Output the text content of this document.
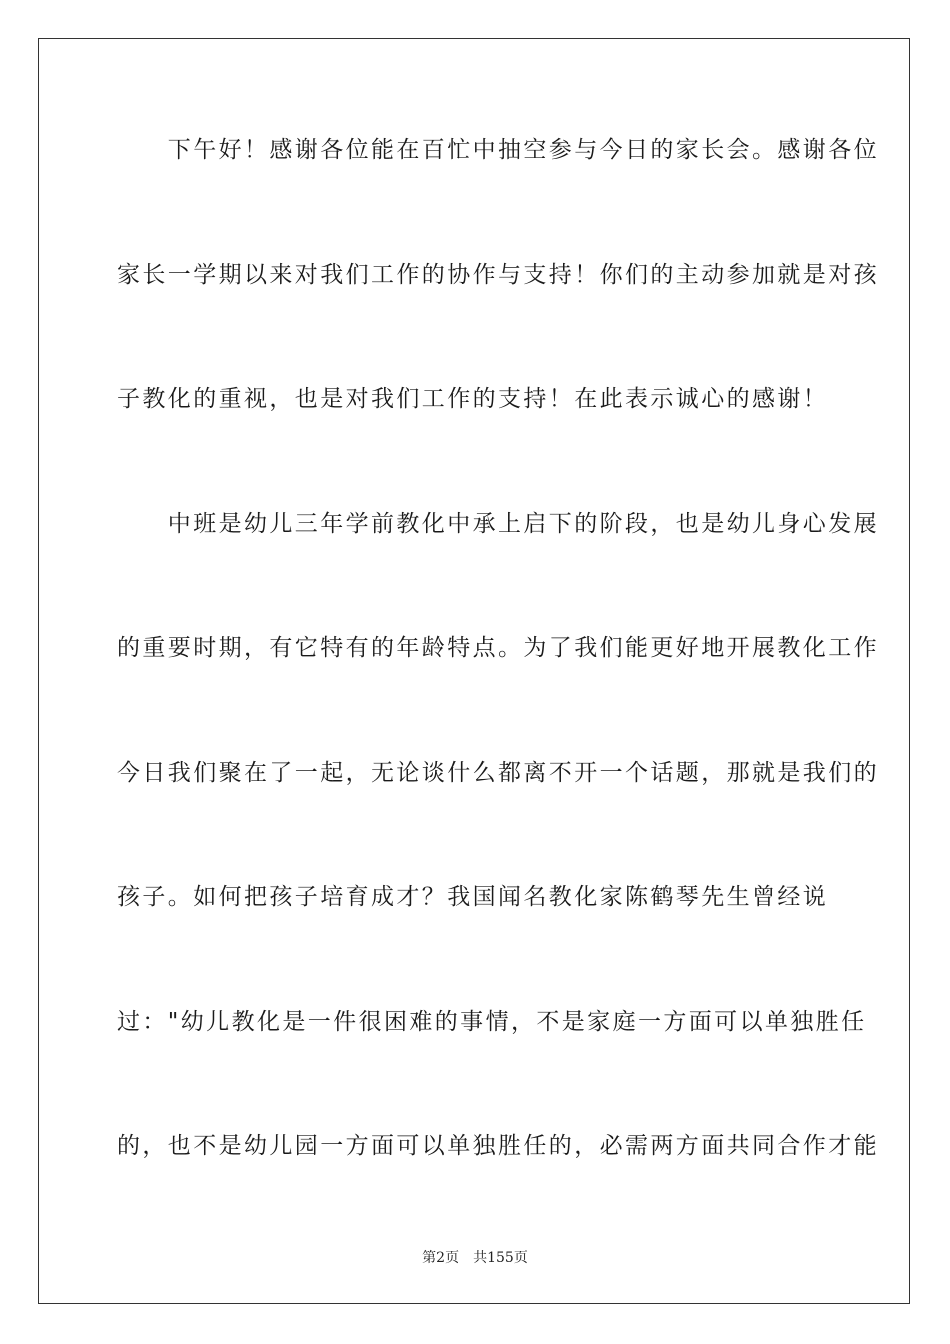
　　下午好！感谢各位能在百忙中抽空参与今日的家长会。感谢各位
家长一学期以来对我们工作的协作与支持！你们的主动参加就是对孩
子教化的重视，也是对我们工作的支持！在此表示诚心的感谢！
　　中班是幼儿三年学前教化中承上启下的阶段，也是幼儿身心发展
的重要时期，有它特有的年龄特点。为了我们能更好地开展教化工作
今日我们聚在了一起，无论谈什么都离不开一个话题，那就是我们的
孩子。如何把孩子培育成才？我国闻名教化家陈鹤琴先生曾经说
过："幼儿教化是一件很困难的事情，不是家庭一方面可以单独胜任
的，也不是幼儿园一方面可以单独胜任的，必需两方面共同合作才能
第2页 共155页
